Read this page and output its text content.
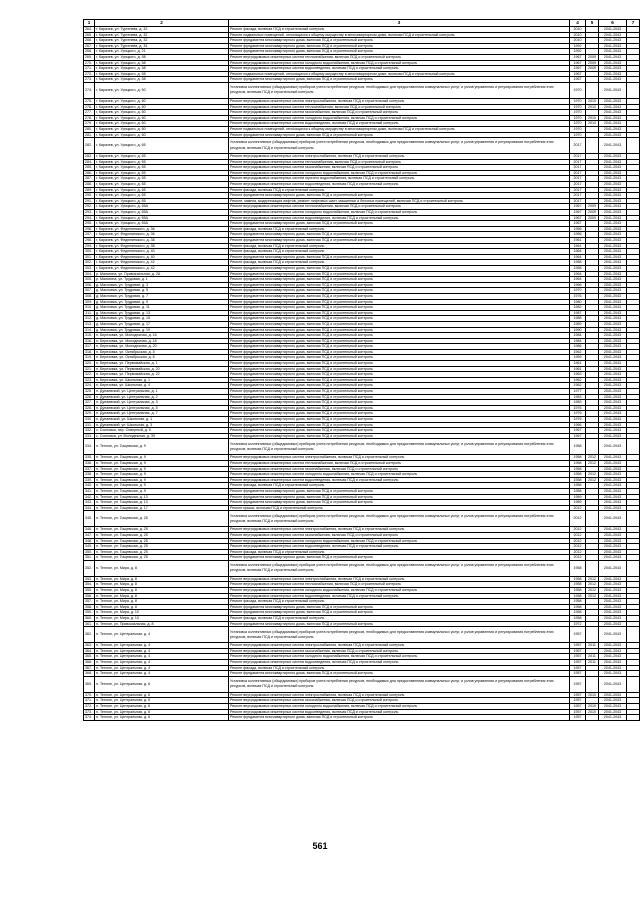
1	2	3	4	5	6	7
264.	г. Карачев, ул. Тургенева, д. 32	Ремонт фасада, включая ПСД и строительный контроль	2010		2041-2043	
265.	г. Карачев, ул. Тургенева, д. 32	Ремонт подвальных помещений, относящихся к общему имуществу в многоквартирном доме, включая ПСД и строительный контроль	2010		2041-2043	
266.	г. Карачев, ул. Тургенева, д. 32	Ремонт фундамента многоквартирного дома, включая ПСД и строительный контроль	2010		2041-2043	
267.	г. Карачев, ул. Тургенева, д. 34	Ремонт фундамента многоквартирного дома, включая ПСД и строительный контроль	1992		2041-2043	
268.	г. Карачев, ул. Урицкого, д. 21	Ремонт фундамента многоквартирного дома, включая ПСД и строительный контроль	1992		2041-2043	
269.	г. Карачев, ул. Урицкого, д. 58	Ремонт внутридомовых инженерных систем теплоснабжения, включая ПСД и строительный контроль	1967	2009	2041-2043	
270.	г. Карачев, ул. Урицкого, д. 58	Ремонт внутридомовых инженерных систем холодного водоснабжения, включая ПСД и строительный контроль	1967	2009	2041-2043	
271.	г. Карачев, ул. Урицкого, д. 58	Ремонт внутридомовых инженерных систем водоотведения, включая ПСД и строительный контроль	1967	2009	2041-2043	
272.	г. Карачев, ул. Урицкого, д. 58	Ремонт подвальных помещений, относящихся к общему имуществу в многоквартирном доме, включая ПСД и строительный контроль	1967		2041-2043	
273.	г. Карачев, ул. Урицкого, д. 58	Ремонт фундамента многоквартирного дома, включая ПСД и строительный контроль	1967		2041-2043	
274.	г. Карачев, ул. Урицкого, д. 60	Установка коллективных (общедомовых) приборов учета потребления ресурсов, необходимых для предоставления коммунальных услуг, и узлов управления и регулирования потребления этих ресурсов, включая ПСД и строительный контроль	1970		2041-2043	
275.	г. Карачев, ул. Урицкого, д. 60	Ремонт внутридомовых инженерных систем электроснабжения, включая ПСД и строительный контроль	1970	2010	2041-2043	
276.	г. Карачев, ул. Урицкого, д. 60	Ремонт внутридомовых инженерных систем теплоснабжения, включая ПСД и строительный контроль	1970	2010	2041-2043	
277.	г. Карачев, ул. Урицкого, д. 60	Ремонт внутридомовых инженерных систем газоснабжения, включая ПСД и строительный контроль	1970		2041-2043	
278.	г. Карачев, ул. Урицкого, д. 60	Ремонт внутридомовых инженерных систем холодного водоснабжения, включая ПСД и строительный контроль	1970	2010	2041-2043	
279.	г. Карачев, ул. Урицкого, д. 60	Ремонт внутридомовых инженерных систем водоотведения, включая ПСД и строительный контроль	1970	2010	2041-2043	
280.	г. Карачев, ул. Урицкого, д. 60	Ремонт подвальных помещений, относящихся к общему имуществу в многоквартирном доме, включая ПСД и строительный контроль	1970		2041-2043	
281.	г. Карачев, ул. Урицкого, д. 60	Ремонт фундамента многоквартирного дома, включая ПСД и строительный контроль	1970		2041-2043	
282.	г. Карачев, ул. Урицкого, д. 65	Установка коллективных (общедомовых) приборов учета потребления ресурсов, необходимых для предоставления коммунальных услуг, и узлов управления и регулирования потребления этих ресурсов, включая ПСД и строительный контроль	2017		2041-2043	
283.	г. Карачев, ул. Урицкого, д. 65	Ремонт внутридомовых инженерных систем электроснабжения, включая ПСД и строительный контроль	2017		2041-2043	
284.	г. Карачев, ул. Урицкого, д. 65	Ремонт внутридомовых инженерных систем теплоснабжения, включая ПСД и строительный контроль	2017		2041-2043	
285.	г. Карачев, ул. Урицкого, д. 65	Ремонт внутридомовых инженерных систем газоснабжения, включая ПСД и строительный контроль	2017		2041-2043	
286.	г. Карачев, ул. Урицкого, д. 65	Ремонт внутридомовых инженерных систем холодного водоснабжения, включая ПСД и строительный контроль	2017		2041-2043	
287.	г. Карачев, ул. Урицкого, д. 65	Ремонт внутридомовых инженерных систем горячего водоснабжения, включая ПСД и строительный контроль	2017		2041-2043	
288.	г. Карачев, ул. Урицкого, д. 65	Ремонт внутридомовых инженерных систем водоотведения, включая ПСД и строительный контроль	2017		2041-2043	
289.	г. Карачев, ул. Урицкого, д. 65	Ремонт фасада, включая ПСД и строительный контроль	2017		2041-2043	
290.	г. Карачев, ул. Урицкого, д. 65	Ремонт фундамента многоквартирного дома, включая ПСД и строительный контроль	2017		2041-2043	
291.	г. Карачев, ул. Урицкого, д. 65	Ремонт, замена, модернизация лифтов, ремонт лифтовых шахт, машинных и блочных помещений, включая ПСД и строительный контроль	2017		2041-2043	
292.	г. Карачев, ул. Урицкого, д. 65А	Ремонт внутридомовых инженерных систем теплоснабжения, включая ПСД и строительный контроль	1967	2009	2041-2043	
293.	г. Карачев, ул. Урицкого, д. 65А	Ремонт внутридомовых инженерных систем холодного водоснабжения, включая ПСД и строительный контроль	1967	2009	2041-2043	
294.	г. Карачев, ул. Урицкого, д. 65А	Ремонт внутридомовых инженерных систем водоотведения, включая ПСД и строительный контроль	1967	2009	2041-2043	
295.	г. Карачев, ул. Урицкого, д. 65А	Ремонт фундамента многоквартирного дома, включая ПСД и строительный контроль	1967		2041-2043	
296.	г. Карачев, ул. Федюнинского, д. 36	Ремонт фасада, включая ПСД и строительный контроль	1956		2041-2043	
297.	г. Карачев, ул. Федюнинского, д. 36	Ремонт фундамента многоквартирного дома, включая ПСД и строительный контроль	1956		2041-2043	
298.	г. Карачев, ул. Федюнинского, д. 38	Ремонт фундамента многоквартирного дома, включая ПСД и строительный контроль	1961		2041-2043	
299.	г. Карачев, ул. Федюнинского, д. 38	Ремонт фасада, включая ПСД и строительный контроль	1961		2041-2043	
300.	г. Карачев, ул. Федюнинского, д. 40	Ремонт фасада, включая ПСД и строительный контроль	1964		2041-2043	
301.	г. Карачев, ул. Федюнинского, д. 40	Ремонт фундамента многоквартирного дома, включая ПСД и строительный контроль	1964		2041-2043	
302.	г. Карачев, ул. Федюнинского, д. 42	Ремонт фасада, включая ПСД и строительный контроль	1958		2041-2043	
303.	г. Карачев, ул. Федюнинского, д. 42	Ремонт фундамента многоквартирного дома, включая ПСД и строительный контроль	1958		2041-2043	
304.	р. Мальтина, ул. Привокзальная, д. 2А	Ремонт фундамента многоквартирного дома, включая ПСД и строительный контроль	1964		2041-2043	
305.	р. Мальтина, ул. Трудовая, д. 1	Ремонт фундамента многоквартирного дома, включая ПСД и строительный контроль	1964		2041-2043	
306.	д. Масловка, ул. Трудовая, д. 3	Ремонт фундамента многоквартирного дома, включая ПСД и строительный контроль	1966		2041-2043	
307.	д. Масловка, ул. Трудовая, д. 5	Ремонт фундамента многоквартирного дома, включая ПСД и строительный контроль	1970		2041-2043	
308.	д. Масловка, ул. Трудовая, д. 7	Ремонт фундамента многоквартирного дома, включая ПСД и строительный контроль	1976		2041-2043	
309.	д. Масловка, ул. Трудовая, д. 9	Ремонт фундамента многоквартирного дома, включая ПСД и строительный контроль	1980		2041-2043	
310.	д. Масловка, ул. Трудовая, д. 11	Ремонт фундамента многоквартирного дома, включая ПСД и строительный контроль	1982		2041-2043	
311.	д. Масловка, ул. Трудовая, д. 13	Ремонт фундамента многоквартирного дома, включая ПСД и строительный контроль	1987		2041-2043	
312.	д. Масловка, ул. Трудовая, д. 15	Ремонт фундамента многоквартирного дома, включая ПСД и строительный контроль	1988		2041-2043	
313.	д. Масловка, ул. Трудовая, д. 17	Ремонт фундамента многоквартирного дома, включая ПСД и строительный контроль	1989		2041-2043	
314.	д. Масловка, ул. Трудовая, д. 19	Ремонт фундамента многоквартирного дома, включая ПСД и строительный контроль	1990		2041-2043	
315.	п. Березовка, ул. Молодежная, д. 16	Ремонт фундамента многоквартирного дома, включая ПСД и строительный контроль	1984		2041-2043	
316.	п. Березовка, ул. Молодежная, д. 18	Ремонт фундамента многоквартирного дома, включая ПСД и строительный контроль	1984		2041-2043	
317.	п. Березовка, ул. Молодежная, д. 20	Ремонт фундамента многоквартирного дома, включая ПСД и строительный контроль	1986		2041-2043	
318.	п. Березовка, ул. Октябрьская, д. 5	Ремонт фундамента многоквартирного дома, включая ПСД и строительный контроль	1962		2041-2043	
319.	п. Березовка, ул. Октябрьская, д. 6	Ремонт фундамента многоквартирного дома, включая ПСД и строительный контроль	1959		2041-2043	
320.	п. Березовка, ул. Первомайская, д. 1	Ремонт фундамента многоквартирного дома, включая ПСД и строительный контроль	1961		2041-2043	
321.	п. Березовка, ул. Первомайская, д. 20	Ремонт фундамента многоквартирного дома, включая ПСД и строительный контроль	1961		2041-2043	
322.	п. Березовка, ул. Первомайская, д. 22	Ремонт фундамента многоквартирного дома, включая ПСД и строительный контроль	1963		2041-2043	
323.	п. Березовка, ул. Школьная, д. 1	Ремонт фундамента многоквартирного дома, включая ПСД и строительный контроль	1962		2041-2043	
324.	п. Березовка, ул. Школьная, д. 4	Ремонт фундамента многоквартирного дома, включая ПСД и строительный контроль	1962		2041-2043	
325.	п. Дунаевский, ул. Центральная, д. 1	Ремонт фундамента многоквартирного дома, включая ПСД и строительный контроль	1977		2041-2043	
326.	п. Дунаевский, ул. Центральная, д. 2	Ремонт фундамента многоквартирного дома, включая ПСД и строительный контроль	1983		2041-2043	
327.	п. Дунаевский, ул. Центральная, д. 3	Ремонт фундамента многоквартирного дома, включая ПСД и строительный контроль	1983		2041-2043	
328.	п. Дунаевский, ул. Центральная, д. 5	Ремонт фундамента многоквартирного дома, включая ПСД и строительный контроль	1976		2041-2043	
329.	п. Дунаевский, ул. Центральная, д. 7	Ремонт фундамента многоквартирного дома, включая ПСД и строительный контроль	1976		2041-2043	
330.	п. Дунаевский, ул. Школьная, д. 1	Ремонт фундамента многоквартирного дома, включая ПСД и строительный контроль	1976		2041-2043	
331.	п. Дунаевский, ул. Школьная, д. 3	Ремонт фундамента многоквартирного дома, включая ПСД и строительный контроль	1966		2041-2043	
332.	с. Сосновка, пер. Северный, д. 9	Ремонт фундамента многоквартирного дома, включая ПСД и строительный контроль	1967		2041-2043	
333.	с. Сосновка, ул. Молодежная, д. 39	Ремонт фундамента многоквартирного дома, включая ПСД и строительный контроль	1967		2041-2043	
334.	п. Теплое, ул. Гощевская, д. 9	Установка коллективных (общедомовых) приборов учета потребления ресурсов, необходимых для предоставления коммунальных услуг, и узлов управления и регулирования потребления этих ресурсов, включая ПСД и строительный контроль	1958		2041-2043	
335.	п. Теплое, ул. Гощевская, д. 9	Ремонт внутридомовых инженерных систем электроснабжения, включая ПСД и строительный контроль	1958	2012	2041-2043	
336.	п. Теплое, ул. Гощевская, д. 9	Ремонт внутридомовых инженерных систем теплоснабжения, включая ПСД и строительный контроль	1958	2012	2041-2043	
337.	п. Теплое, ул. Гощевская, д. 9	Ремонт внутридомовых инженерных систем газоснабжения, включая ПСД и строительный контроль	1958		2041-2043	
338.	п. Теплое, ул. Гощевская, д. 9	Ремонт внутридомовых инженерных систем холодного водоснабжения, включая ПСД и строительный контроль	1958	2012	2041-2043	
339.	п. Теплое, ул. Гощевская, д. 9	Ремонт внутридомовых инженерных систем водоотведения, включая ПСД и строительный контроль	1958	2012	2041-2043	
340.	п. Теплое, ул. Гощевская, д. 9	Ремонт фасада, включая ПСД и строительный контроль	1958		2041-2043	
341.	п. Теплое, ул. Гощевская, д. 9	Ремонт фундамента многоквартирного дома, включая ПСД и строительный контроль	1958		2041-2043	
342.	п. Теплое, ул. Гощевская, д. 13	Ремонт фундамента многоквартирного дома, включая ПСД и строительный контроль	1989		2041-2043	
343.	п. Теплое, ул. Гощевская, д. 13	Ремонт фундамента многоквартирного дома, включая ПСД и строительный контроль	1989		2041-2043	
344.	п. Теплое, ул. Гощевская, д. 17	Ремонт крыши, включая ПСД и строительный контроль	2012		2041-2043	
345.	п. Теплое, ул. Гощевская, д. 25	Установка коллективных (общедомовых) приборов учета потребления ресурсов, необходимых для предоставления коммунальных услуг, и узлов управления и регулирования потребления этих ресурсов, включая ПСД и строительный контроль	2012		2041-2043	
346.	п. Теплое, ул. Гощевская, д. 25	Ремонт внутридомовых инженерных систем электроснабжения, включая ПСД и строительный контроль	2012		2041-2043	
347.	п. Теплое, ул. Гощевская, д. 25	Ремонт внутридомовых инженерных систем газоснабжения, включая ПСД и строительный контроль	2012		2041-2043	
348.	п. Теплое, ул. Гощевская, д. 25	Ремонт внутридомовых инженерных систем холодного водоснабжения, включая ПСД и строительный контроль	2012		2041-2043	
349.	п. Теплое, ул. Гощевская, д. 25	Ремонт внутридомовых инженерных систем водоотведения, включая ПСД и строительный контроль	2012		2041-2043	
350.	п. Теплое, ул. Гощевская, д. 25	Ремонт фасада, включая ПСД и строительный контроль	2012		2041-2043	
351.	п. Теплое, ул. Гощевская, д. 25	Ремонт фундамента многоквартирного дома, включая ПСД и строительный контроль	2012		2041-2043	
352.	п. Теплое, ул. Мира, д. 8	Установка коллективных (общедомовых) приборов учета потребления ресурсов, необходимых для предоставления коммунальных услуг, и узлов управления и регулирования потребления этих ресурсов, включая ПСД и строительный контроль	1958		2041-2043	
353.	п. Теплое, ул. Мира, д. 8	Ремонт внутридомовых инженерных систем электроснабжения, включая ПСД и строительный контроль	1958	2012	2041-2043	
354.	п. Теплое, ул. Мира, д. 8	Ремонт внутридомовых инженерных систем теплоснабжения, включая ПСД и строительный контроль	1958	2012	2041-2043	
355.	п. Теплое, ул. Мира, д. 8	Ремонт внутридомовых инженерных систем холодного водоснабжения, включая ПСД и строительный контроль	1958	2012	2041-2043	
356.	п. Теплое, ул. Мира, д. 8	Ремонт внутридомовых инженерных систем водоотведения, включая ПСД и строительный контроль	1958	2012	2041-2043	
357.	п. Теплое, ул. Мира, д. 8	Ремонт фасада, включая ПСД и строительный контроль	1958		2041-2043	
358.	п. Теплое, ул. Мира, д. 8	Ремонт фундамента многоквартирного дома, включая ПСД и строительный контроль	1958		2041-2043	
359.	п. Теплое, ул. Мира, д. 10	Ремонт фундамента многоквартирного дома, включая ПСД и строительный контроль	1958		2041-2043	
360.	п. Теплое, ул. Мира, д. 10	Ремонт фасада, включая ПСД и строительный контроль	1958		2041-2043	
361.	п. Теплое, ул. Привокзальная, д. 8	Ремонт фундамента многоквартирного дома, включая ПСД и строительный контроль	1972		2041-2043	
362.	п. Теплое, ул. Центральная, д. 4	Установка коллективных (общедомовых) приборов учета потребления ресурсов, необходимых для предоставления коммунальных услуг, и узлов управления и регулирования потребления этих ресурсов, включая ПСД и строительный контроль	1957		2041-2043	
363.	п. Теплое, ул. Центральная, д. 4	Ремонт внутридомовых инженерных систем электроснабжения, включая ПСД и строительный контроль	1957	2011	2041-2043	
364.	п. Теплое, ул. Центральная, д. 4	Ремонт внутридомовых инженерных систем газоснабжения, включая ПСД и строительный контроль	1957		2041-2043	
365.	п. Теплое, ул. Центральная, д. 4	Ремонт внутридомовых инженерных систем холодного водоснабжения, включая ПСД и строительный контроль	1957	2011	2041-2043	
366.	п. Теплое, ул. Центральная, д. 4	Ремонт внутридомовых инженерных систем водоотведения, включая ПСД и строительный контроль	1957	2011	2041-2043	
367.	п. Теплое, ул. Центральная, д. 4	Ремонт фасада, включая ПСД и строительный контроль	1957		2041-2043	
368.	п. Теплое, ул. Центральная, д. 4	Ремонт фундамента многоквартирного дома, включая ПСД и строительный контроль	1957		2041-2043	
369.	п. Теплое, ул. Центральная, д. 6	Установка коллективных (общедомовых) приборов учета потребления ресурсов, необходимых для предоставления коммунальных услуг, и узлов управления и регулирования потребления этих ресурсов, включая ПСД и строительный контроль	1957		2041-2043	
370.	п. Теплое, ул. Центральная, д. 6	Ремонт внутридомовых инженерных систем электроснабжения, включая ПСД и строительный контроль	1957	2010	2041-2043	
371.	п. Теплое, ул. Центральная, д. 6	Ремонт внутридомовых инженерных систем газоснабжения, включая ПСД и строительный контроль	1957		2041-2043	
372.	п. Теплое, ул. Центральная, д. 6	Ремонт внутридомовых инженерных систем холодного водоснабжения, включая ПСД и строительный контроль	1957	2010	2041-2043	
373.	п. Теплое, ул. Центральная, д. 6	Ремонт внутридомовых инженерных систем водоотведения, включая ПСД и строительный контроль	1957	2010	2041-2043	
374.	п. Теплое, ул. Центральная, д. 6	Ремонт фундамента многоквартирного дома, включая ПСД и строительный контроль	1957		2041-2043	
561
